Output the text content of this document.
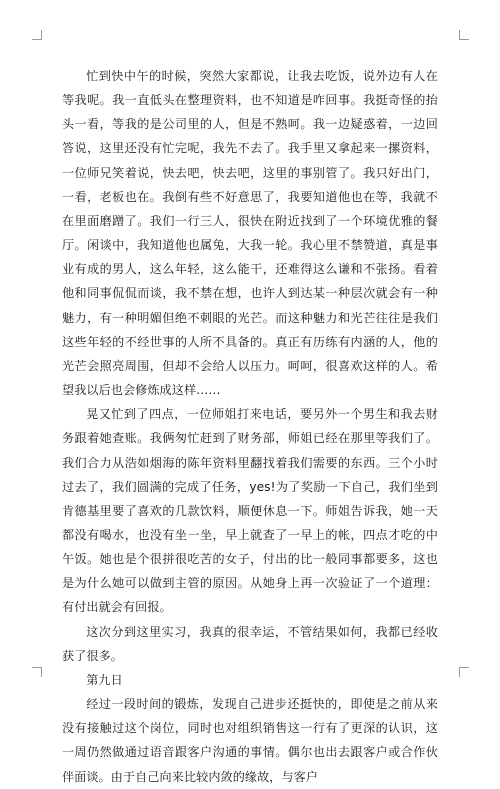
忙到快中午的时候，突然大家都说，让我去吃饭，说外边有人在等我呢。我一直低头在整理资料，也不知道是咋回事。我挺奇怪的抬头一看，等我的是公司里的人，但是不熟呵。我一边疑惑着，一边回答说，这里还没有忙完呢，我先不去了。我手里又拿起来一摞资料，一位师兄笑着说，快去吧，快去吧，这里的事别管了。我只好出门，一看，老板也在。我倒有些不好意思了，我要知道他也在等，我就不在里面磨蹭了。我们一行三人，很快在附近找到了一个环境优雅的餐厅。闲谈中，我知道他也属兔，大我一轮。我心里不禁赞道，真是事业有成的男人，这么年轻，这么能干，还难得这么谦和不张扬。看着他和同事侃侃而谈，我不禁在想，也许人到达某一种层次就会有一种魅力，有一种明媚但绝不刺眼的光芒。而这种魅力和光芒往往是我们这些年轻的不经世事的人所不具备的。真正有历练有内涵的人，他的光芒会照亮周围，但却不会给人以压力。呵呵，很喜欢这样的人。希望我以后也会修炼成这样……

晃又忙到了四点，一位师姐打来电话，要另外一个男生和我去财务跟着她查账。我俩匆忙赶到了财务部，师姐已经在那里等我们了。我们合力从浩如烟海的陈年资料里翻找着我们需要的东西。三个小时过去了，我们圆满的完成了任务，yes!为了奖励一下自己，我们坐到肯德基里要了喜欢的几款饮料，顺便休息一下。师姐告诉我，她一天都没有喝水，也没有坐一坐，早上就查了一早上的帐，四点才吃的中午饭。她也是个很拼很吃苦的女子，付出的比一般同事都要多，这也是为什么她可以做到主管的原因。从她身上再一次验证了一个道理：有付出就会有回报。

这次分到这里实习，我真的很幸运，不管结果如何，我都已经收获了很多。

第九日

经过一段时间的锻炼，发现自己进步还挺快的，即使是之前从来没有接触过这个岗位，同时也对组织销售这一行有了更深的认识，这一周仍然做通过语音跟客户沟通的事情。偶尔也出去跟客户或合作伙伴面谈。由于自己向来比较内敛的缘故，与客户
